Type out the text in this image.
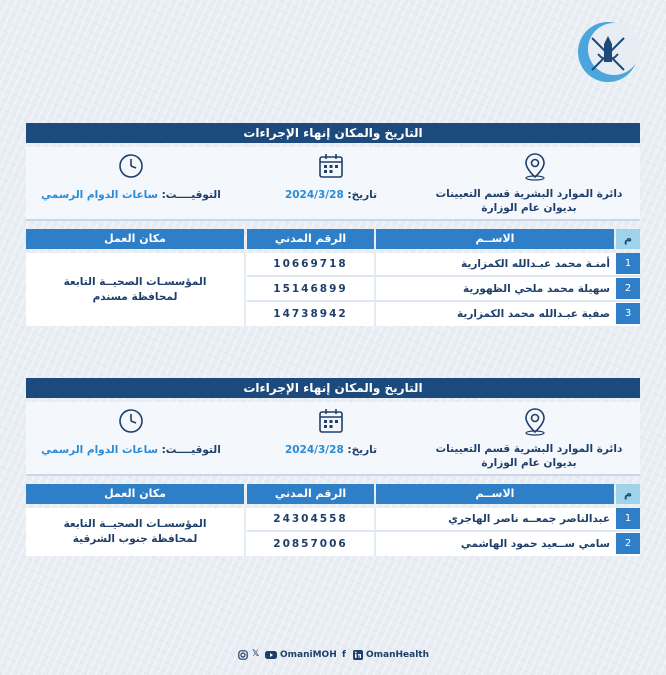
التاريخ والمكان إنهاء الإجراءات
دائرة الموارد البشرية قسم التعيينات
بديوان عام الوزارة
تاريخ: 2024/3/28
التوقيــــت: ساعات الدوام الرسمي
م
الاســم
الرقم المدني
مكان العمل
1
أمنـة محمد عبـدالله الكمزارية
10669718
2
سهيلة محمد ملحي الظهورية
15146899
3
صفية عبـدالله محمد الكمزارية
14738942
المؤسسـات الصحيــة التابعة
لمحافظة مسندم
التاريخ والمكان إنهاء الإجراءات
دائرة الموارد البشرية قسم التعيينات
بديوان عام الوزارة
تاريخ: 2024/3/28
التوقيــــت: ساعات الدوام الرسمي
م
الاســم
الرقم المدني
مكان العمل
1
عبدالناصر جمعــه ناصر الهاجري
24304558
2
سامي ســعيد حمود الهاشمي
20857006
المؤسسـات الصحيــة التابعة
لمحافظة جنوب الشرقية
𝕏 OmaniMOH f OmanHealth
